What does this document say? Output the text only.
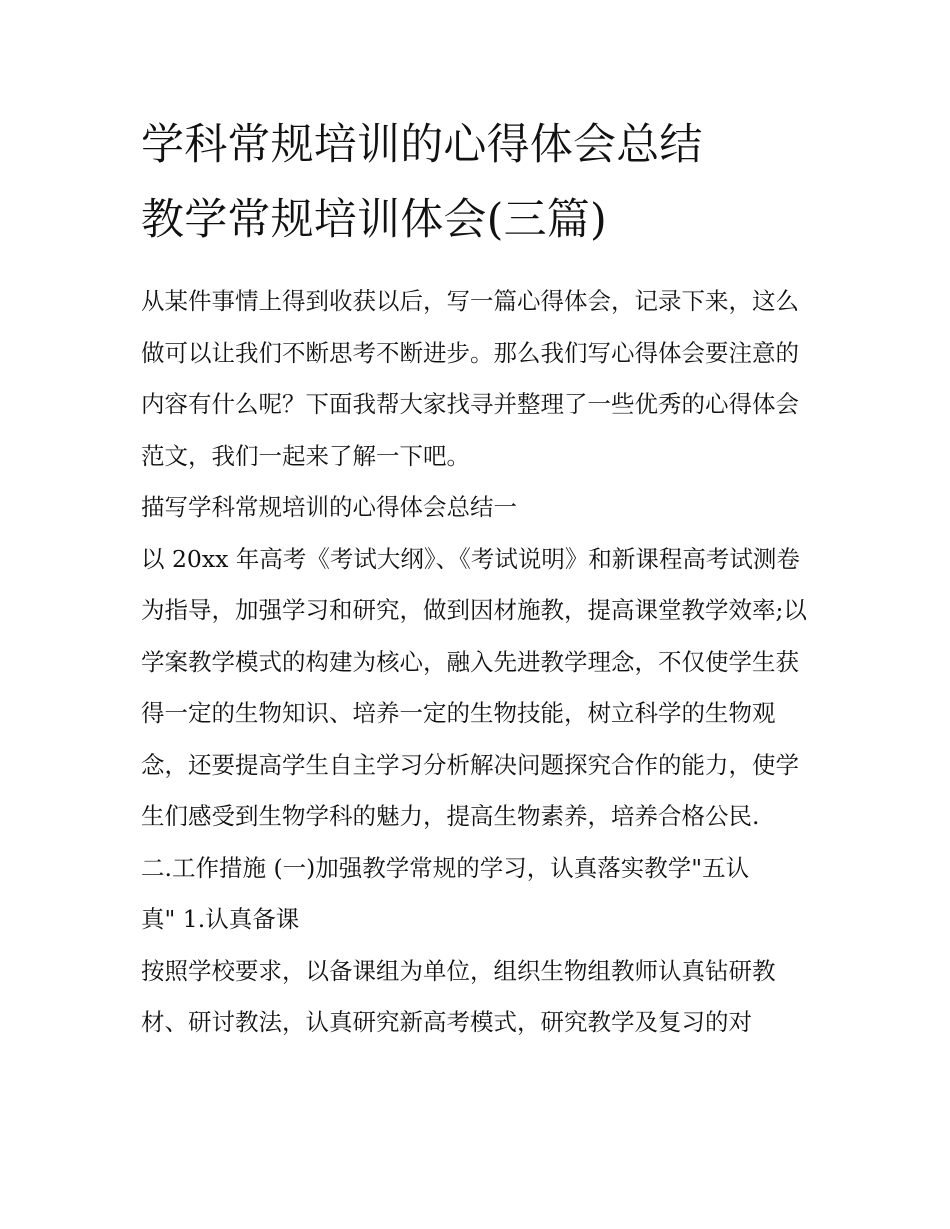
学科常规培训的心得体会总结
教学常规培训体会(三篇)

从某件事情上得到收获以后，写一篇心得体会，记录下来，这么做可以让我们不断思考不断进步。那么我们写心得体会要注意的内容有什么呢？下面我帮大家找寻并整理了一些优秀的心得体会范文，我们一起来了解一下吧。

描写学科常规培训的心得体会总结一

以 20xx 年高考《考试大纲》、《考试说明》和新课程高考试测卷为指导，加强学习和研究，做到因材施教，提高课堂教学效率;以学案教学模式的构建为核心，融入先进教学理念，不仅使学生获得一定的生物知识、培养一定的生物技能，树立科学的生物观念，还要提高学生自主学习分析解决问题探究合作的能力，使学生们感受到生物学科的魅力，提高生物素养，培养合格公民.

二.工作措施 (一)加强教学常规的学习，认真落实教学"五认

真" 1.认真备课

按照学校要求，以备课组为单位，组织生物组教师认真钻研教材、研讨教法，认真研究新高考模式，研究教学及复习的对
